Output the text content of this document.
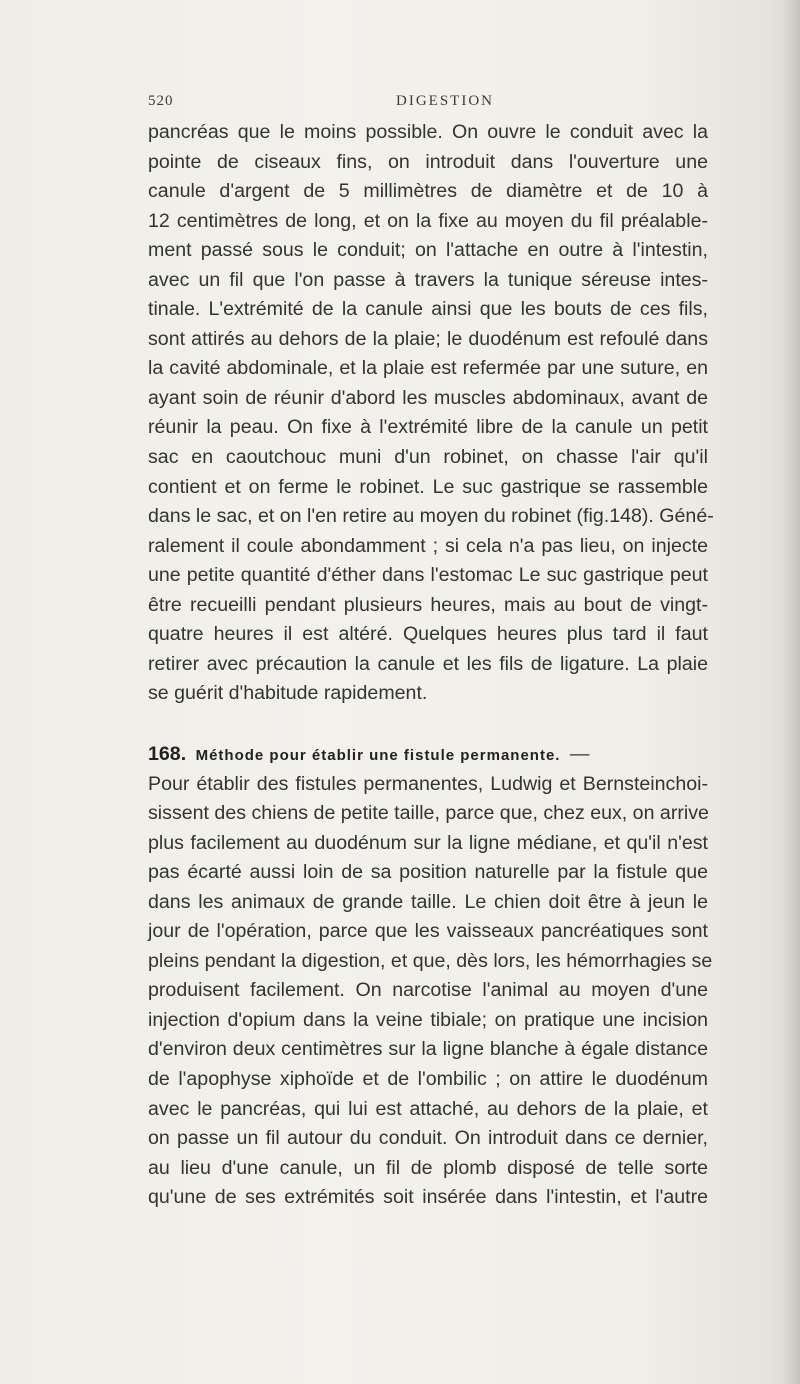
520	DIGESTION
pancréas que le moins possible. On ouvre le conduit avec la
pointe de ciseaux fins, on introduit dans l'ouverture une
canule d'argent de 5 millimètres de diamètre et de 10 à
12 centimètres de long, et on la fixe au moyen du fil préalable-
ment passé sous le conduit; on l'attache en outre à l'intestin,
avec un fil que l'on passe à travers la tunique séreuse intes-
tinale. L'extrémité de la canule ainsi que les bouts de ces fils,
sont attirés au dehors de la plaie; le duodénum est refoulé dans
la cavité abdominale, et la plaie est refermée par une suture, en
ayant soin de réunir d'abord les muscles abdominaux, avant de
réunir la peau. On fixe à l'extrémité libre de la canule un petit
sac en caoutchouc muni d'un robinet, on chasse l'air qu'il
contient et on ferme le robinet. Le suc gastrique se rassemble
dans le sac, et on l'en retire au moyen du robinet (fig.148). Géné-
ralement il coule abondamment ; si cela n'a pas lieu, on injecte
une petite quantité d'éther dans l'estomac Le suc gastrique peut
être recueilli pendant plusieurs heures, mais au bout de vingt-
quatre heures il est altéré. Quelques heures plus tard il faut
retirer avec précaution la canule et les fils de ligature. La plaie
se guérit d'habitude rapidement.
168. Méthode pour établir une fistule permanente. —
Pour établir des fistules permanentes, Ludwig et Bernsteinchoi-
sissent des chiens de petite taille, parce que, chez eux, on arrive
plus facilement au duodénum sur la ligne médiane, et qu'il n'est
pas écarté aussi loin de sa position naturelle par la fistule que
dans les animaux de grande taille. Le chien doit être à jeun le
jour de l'opération, parce que les vaisseaux pancréatiques sont
pleins pendant la digestion, et que, dès lors, les hémorrhagies se
produisent facilement. On narcotise l'animal au moyen d'une
injection d'opium dans la veine tibiale; on pratique une incision
d'environ deux centimètres sur la ligne blanche à égale distance
de l'apophyse xiphoïde et de l'ombilic ; on attire le duodénum
avec le pancréas, qui lui est attaché, au dehors de la plaie, et
on passe un fil autour du conduit. On introduit dans ce dernier,
au lieu d'une canule, un fil de plomb disposé de telle sorte
qu'une de ses extrémités soit insérée dans l'intestin, et l'autre
